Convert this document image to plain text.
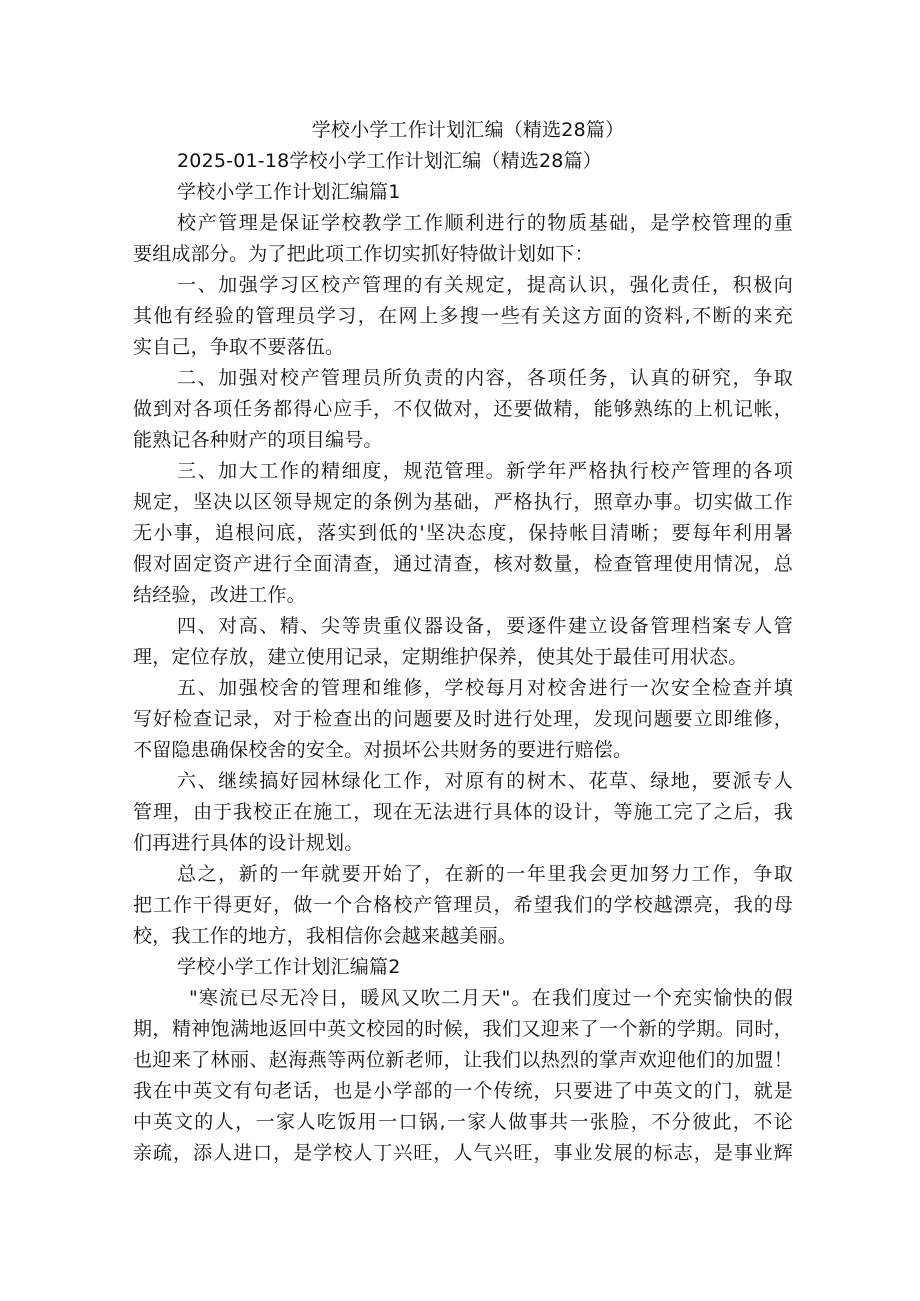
学校小学工作计划汇编（精选28篇）
2025-01-18学校小学工作计划汇编（精选28篇）
学校小学工作计划汇编篇1
校产管理是保证学校教学工作顺利进行的物质基础，是学校管理的重
要组成部分。为了把此项工作切实抓好特做计划如下：
一、加强学习区校产管理的有关规定，提高认识，强化责任，积极向
其他有经验的管理员学习，在网上多搜一些有关这方面的资料,不断的来充
实自己，争取不要落伍。
二、加强对校产管理员所负责的内容，各项任务，认真的研究，争取
做到对各项任务都得心应手，不仅做对，还要做精，能够熟练的上机记帐，
能熟记各种财产的项目编号。
三、加大工作的精细度，规范管理。新学年严格执行校产管理的各项
规定，坚决以区领导规定的条例为基础，严格执行，照章办事。切实做工作
无小事，追根问底，落实到低的'坚决态度，保持帐目清晰；要每年利用暑
假对固定资产进行全面清查，通过清查，核对数量，检查管理使用情况，总
结经验，改进工作。
四、对高、精、尖等贵重仪器设备，要逐件建立设备管理档案专人管
理，定位存放，建立使用记录，定期维护保养，使其处于最佳可用状态。
五、加强校舍的管理和维修，学校每月对校舍进行一次安全检查并填
写好检查记录，对于检查出的问题要及时进行处理，发现问题要立即维修，
不留隐患确保校舍的安全。对损坏公共财务的要进行赔偿。
六、继续搞好园林绿化工作，对原有的树木、花草、绿地，要派专人
管理，由于我校正在施工，现在无法进行具体的设计，等施工完了之后，我
们再进行具体的设计规划。
总之，新的一年就要开始了，在新的一年里我会更加努力工作，争取
把工作干得更好，做一个合格校产管理员，希望我们的学校越漂亮，我的母
校，我工作的地方，我相信你会越来越美丽。
学校小学工作计划汇编篇2
"寒流已尽无冷日，暖风又吹二月天"。在我们度过一个充实愉快的假
期，精神饱满地返回中英文校园的时候，我们又迎来了一个新的学期。同时，
也迎来了林丽、赵海燕等两位新老师，让我们以热烈的掌声欢迎他们的加盟！
我在中英文有句老话，也是小学部的一个传统，只要进了中英文的门，就是
中英文的人，一家人吃饭用一口锅,一家人做事共一张脸，不分彼此，不论
亲疏，添人进口，是学校人丁兴旺，人气兴旺，事业发展的标志，是事业辉
